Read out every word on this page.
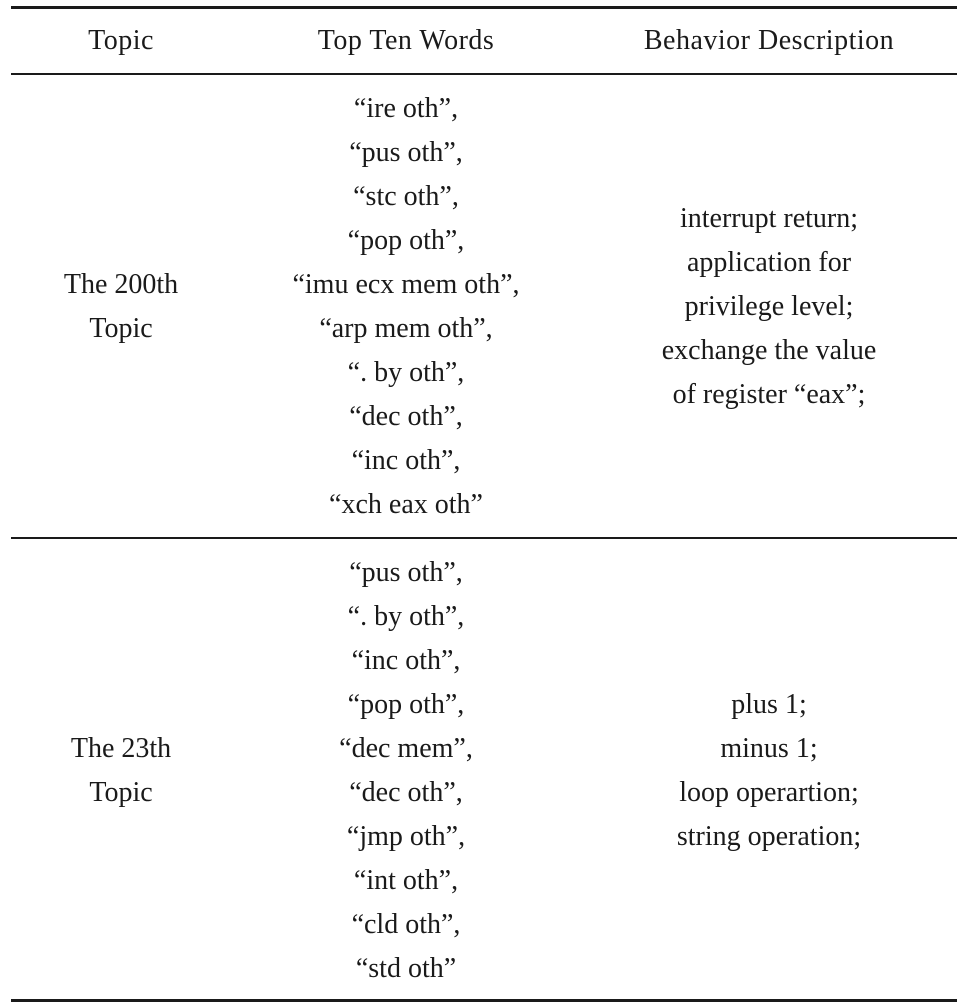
Topic	Top Ten Words	Behavior Description
The 200th
Topic
“ire oth”,
“pus oth”,
“stc oth”,
“pop oth”,
“imu ecx mem oth”,
“arp mem oth”,
“. by oth”,
“dec oth”,
“inc oth”,
“xch eax oth”
interrupt return;
application for
privilege level;
exchange the value
of register “eax”;
The 23th
Topic
“pus oth”,
“. by oth”,
“inc oth”,
“pop oth”,
“dec mem”,
“dec oth”,
“jmp oth”,
“int oth”,
“cld oth”,
“std oth”
plus 1;
minus 1;
loop operartion;
string operation;
